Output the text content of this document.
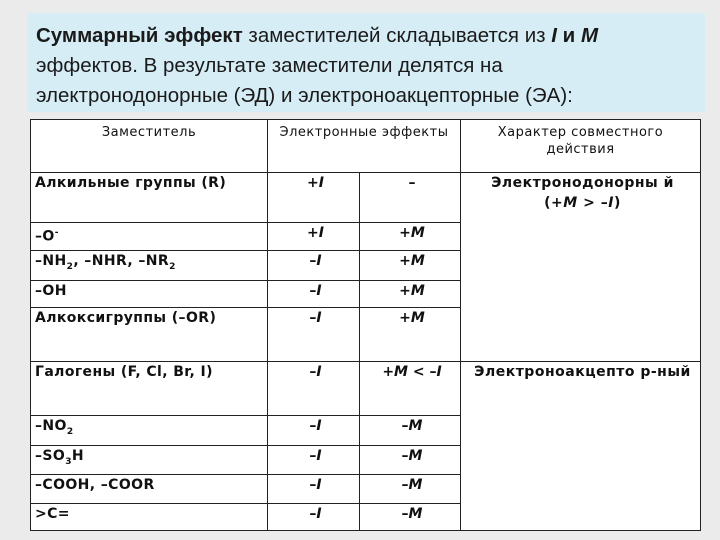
Суммарный эффект заместителей складывается из I и M
эффектов. В результате заместители делятся на электронодонорные (ЭД) и электроноакцепторные (ЭА):
Заместитель	Электронные эффекты		Характер совместного действия
Алкильные группы (R)	+I	–	Электронодонорны й
(+M > –I)
–O-	+I	+M	
$-NH_2$, –NHR, $-NR_2$	–I	+M	
–OH	–I	+M	
Алкоксигруппы (–OR)	–I	+M	
Галогены (F, Cl, Br, I)	–I	+M < –I	Электроноакцепто р-ный
$-NO_2$	–I	–M	
$-SO_3H$	–I	–M	
–COOH, –COOR	–I	–M	
>C=	–I	–M	
